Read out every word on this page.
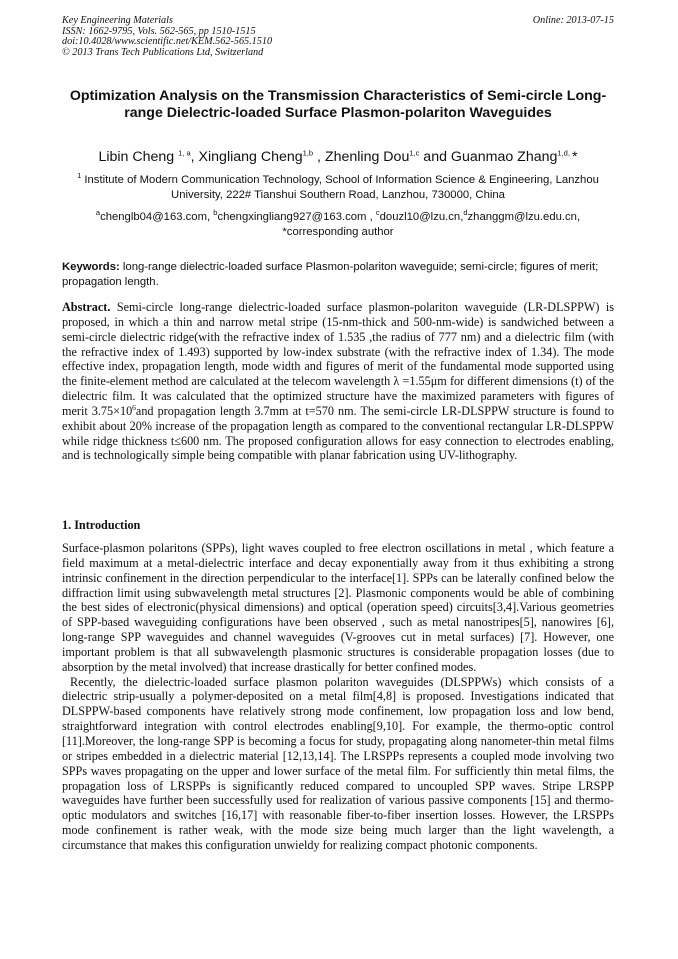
Key Engineering Materials
ISSN: 1662-9795, Vols. 562-565, pp 1510-1515
doi:10.4028/www.scientific.net/KEM.562-565.1510
© 2013 Trans Tech Publications Ltd, Switzerland
Online: 2013-07-15
Optimization Analysis on the Transmission Characteristics of Semi-circle Long-range Dielectric-loaded Surface Plasmon-polariton Waveguides
Libin Cheng $^{1, a}$, Xingliang Cheng$^{1,b}$ , Zhenling Dou$^{1,c}$ and Guanmao Zhang$^{1,d,}$ *
$^1$ Institute of Modern Communication Technology, School of Information Science & Engineering, Lanzhou University, 222# Tianshui Southern Road, Lanzhou, 730000, China
$^a$chenglb04@163.com, $^b$chengxingliang927@163.com , $^c$douzl10@lzu.cn,$^d$zhanggm@lzu.edu.cn,
*corresponding author
Keywords: long-range dielectric-loaded surface Plasmon-polariton waveguide; semi-circle; figures of merit; propagation length.
Abstract. Semi-circle long-range dielectric-loaded surface plasmon-polariton waveguide (LR-DLSPPW) is proposed, in which a thin and narrow metal stripe (15-nm-thick and 500-nm-wide) is sandwiched between a semi-circle dielectric ridge(with the refractive index of 1.535 ,the radius of 777 nm) and a dielectric film (with the refractive index of 1.493) supported by low-index substrate (with the refractive index of 1.34). The mode effective index, propagation length, mode width and figures of merit of the fundamental mode supported using the finite-element method are calculated at the telecom wavelength λ =1.55μm for different dimensions (t) of the dielectric film. It was calculated that the optimized structure have the maximized parameters with figures of merit $3.75\times 10^6and$ propagation length 3.7mm at t=570 nm. The semi-circle LR-DLSPPW structure is found to exhibit about 20% increase of the propagation length as compared to the conventional rectangular LR-DLSPPW while ridge thickness t≤600 nm. The proposed configuration allows for easy connection to electrodes enabling, and is technologically simple being compatible with planar fabrication using UV-lithography.
1. Introduction

Surface-plasmon polaritons (SPPs), light waves coupled to free electron oscillations in metal , which feature a field maximum at a metal-dielectric interface and decay exponentially away from it thus exhibiting a strong intrinsic confinement in the direction perpendicular to the interface[1]. SPPs can be laterally confined below the diffraction limit using subwavelength metal structures [2]. Plasmonic components would be able of combining the best sides of electronic(physical dimensions) and optical (operation speed) circuits[3,4].Various geometries of SPP-based waveguiding configurations have been observed , such as metal nanostripes[5], nanowires [6], long-range SPP waveguides and channel waveguides (V-grooves cut in metal surfaces) [7]. However, one important problem is that all subwavelength plasmonic structures is considerable propagation losses (due to absorption by the metal involved) that increase drastically for better confined modes.

Recently, the dielectric-loaded surface plasmon polariton waveguides (DLSPPWs) which consists of a dielectric strip-usually a polymer-deposited on a metal film[4,8] is proposed. Investigations indicated that DLSPPW-based components have relatively strong mode confinement, low propagation loss and low bend, straightforward integration with control electrodes enabling[9,10]. For example, the thermo-optic control [11].Moreover, the long-range SPP is becoming a focus for study, propagating along nanometer-thin metal films or stripes embedded in a dielectric material [12,13,14]. The LRSPPs represents a coupled mode involving two SPPs waves propagating on the upper and lower surface of the metal film. For sufficiently thin metal films, the propagation loss of LRSPPs is significantly reduced compared to uncoupled SPP waves. Stripe LRSPP waveguides have further been successfully used for realization of various passive components [15] and thermo-optic modulators and switches [16,17] with reasonable fiber-to-fiber insertion losses. However, the LRSPPs mode confinement is rather weak, with the mode size being much larger than the light wavelength, a circumstance that makes this configuration unwieldy for realizing compact photonic components.
